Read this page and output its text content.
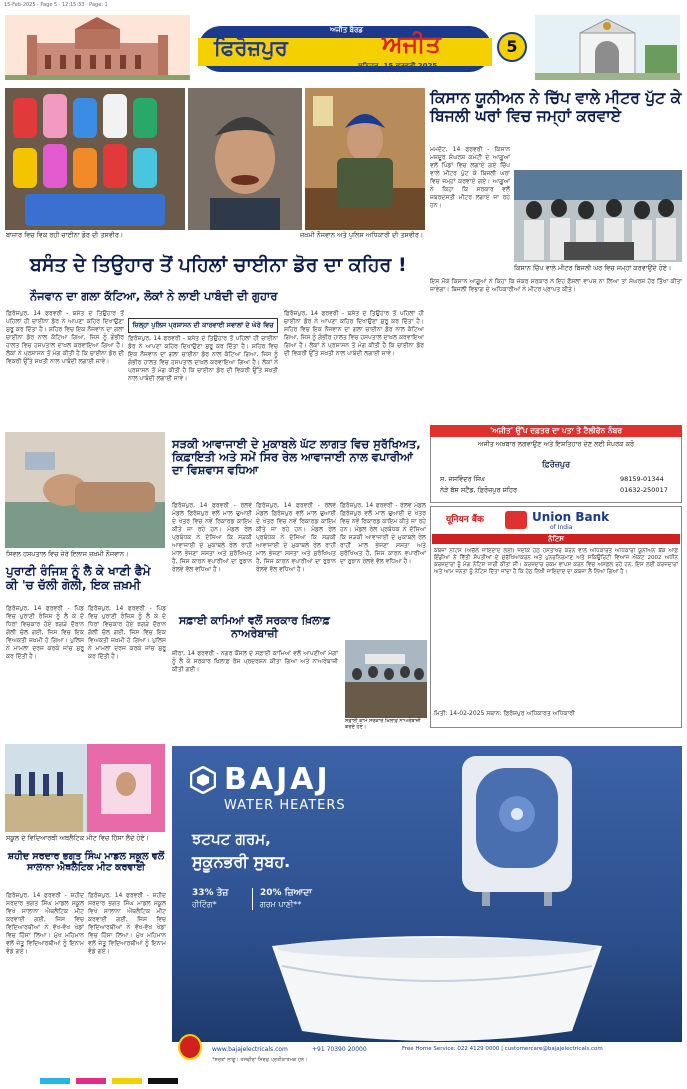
15-Feb-2025 · Page 5 · 12:15:33 · Page: 1
ਅਜੀਤ ਬੋਰਡ
ਫਿਰੋਜ਼ਪੁਰ	ਅਜੀਤ
ਸ਼ਨਿਚਰ, 15 ਫਰਵਰੀ 2025
5
ਬਾਜ਼ਾਰ ਵਿਚ ਵਿਕ ਰਹੀ ਚਾਈਨਾ ਡੋਰ ਦੀ ਤਸਵੀਰ।	ਜ਼ਖ਼ਮੀ ਨੌਜਵਾਨ ਅਤੇ ਪੁਲਿਸ ਅਧਿਕਾਰੀ ਦੀ ਤਸਵੀਰ।
ਕਿਸਾਨ ਯੂਨੀਅਨ ਨੇ ਚਿੱਪ ਵਾਲੇ ਮੀਟਰ ਪੁੱਟ ਕੇ ਬਿਜਲੀ ਘਰਾਂ ਵਿਚ ਜਮ੍ਹਾਂ ਕਰਵਾਏ
ਮਮਦੋਟ, 14 ਫਰਵਰੀ - ਕਿਸਾਨ ਮਜ਼ਦੂਰ ਸੰਘਰਸ਼ ਕਮੇਟੀ ਦੇ ਆਗੂਆਂ ਵਲੋਂ ਪਿੰਡਾਂ ਵਿਚ ਲਗਾਏ ਗਏ ਚਿੱਪ ਵਾਲੇ ਮੀਟਰ ਪੁੱਟ ਕੇ ਬਿਜਲੀ ਘਰਾਂ ਵਿਚ ਜਮ੍ਹਾਂ ਕਰਵਾਏ ਗਏ। ਆਗੂਆਂ ਨੇ ਕਿਹਾ ਕਿ ਸਰਕਾਰ ਵਲੋਂ ਜ਼ਬਰਦਸਤੀ ਮੀਟਰ ਲਗਾਏ ਜਾ ਰਹੇ ਹਨ।
ਕਿਸਾਨ ਚਿੱਪ ਵਾਲੇ ਮੀਟਰ ਬਿਜਲੀ ਘਰ ਵਿਚ ਜਮ੍ਹਾਂ ਕਰਵਾਉਂਦੇ ਹੋਏ।
ਇਸ ਮੌਕੇ ਕਿਸਾਨ ਆਗੂਆਂ ਨੇ ਕਿਹਾ ਕਿ ਜੇਕਰ ਸਰਕਾਰ ਨੇ ਇਹ ਫ਼ੈਸਲਾ ਵਾਪਸ ਨਾ ਲਿਆ ਤਾਂ ਸੰਘਰਸ਼ ਹੋਰ ਤਿੱਖਾ ਕੀਤਾ ਜਾਵੇਗਾ। ਬਿਜਲੀ ਵਿਭਾਗ ਦੇ ਅਧਿਕਾਰੀਆਂ ਨੇ ਮੀਟਰ ਪ੍ਰਾਪਤ ਕੀਤੇ।
ਬਸੰਤ ਦੇ ਤਿਉਹਾਰ ਤੋਂ ਪਹਿਲਾਂ ਚਾਈਨਾ ਡੋਰ ਦਾ ਕਹਿਰ !
ਨੌਜਵਾਨ ਦਾ ਗਲਾ ਕੱਟਿਆ, ਲੋਕਾਂ ਨੇ ਲਾਈ ਪਾਬੰਦੀ ਦੀ ਗੁਹਾਰ
ਫ਼ਿਰੋਜ਼ਪੁਰ, 14 ਫਰਵਰੀ - ਬਸੰਤ ਦੇ ਤਿਉਹਾਰ ਤੋਂ ਪਹਿਲਾਂ ਹੀ ਚਾਈਨਾ ਡੋਰ ਨੇ ਆਪਣਾ ਕਹਿਰ ਦਿਖਾਉਣਾ ਸ਼ੁਰੂ ਕਰ ਦਿੱਤਾ ਹੈ। ਸ਼ਹਿਰ ਵਿਚ ਇਕ ਨੌਜਵਾਨ ਦਾ ਗਲਾ ਚਾਈਨਾ ਡੋਰ ਨਾਲ ਕੱਟਿਆ ਗਿਆ, ਜਿਸ ਨੂੰ ਗੰਭੀਰ ਹਾਲਤ ਵਿਚ ਹਸਪਤਾਲ ਦਾਖ਼ਲ ਕਰਵਾਇਆ ਗਿਆ ਹੈ। ਲੋਕਾਂ ਨੇ ਪ੍ਰਸ਼ਾਸਨ ਤੋਂ ਮੰਗ ਕੀਤੀ ਹੈ ਕਿ ਚਾਈਨਾ ਡੋਰ ਦੀ ਵਿਕਰੀ ਉੱਤੇ ਸਖ਼ਤੀ ਨਾਲ ਪਾਬੰਦੀ ਲਗਾਈ ਜਾਵੇ।
ਜ਼ਿਲ੍ਹਾ ਪੁਲਿਸ ਪ੍ਰਸ਼ਾਸਨ ਦੀ ਕਾਰਵਾਈ ਸਵਾਲਾਂ ਦੇ ਘੇਰੇ ਵਿਚ
ਫ਼ਿਰੋਜ਼ਪੁਰ, 14 ਫਰਵਰੀ - ਬਸੰਤ ਦੇ ਤਿਉਹਾਰ ਤੋਂ ਪਹਿਲਾਂ ਹੀ ਚਾਈਨਾ ਡੋਰ ਨੇ ਆਪਣਾ ਕਹਿਰ ਦਿਖਾਉਣਾ ਸ਼ੁਰੂ ਕਰ ਦਿੱਤਾ ਹੈ। ਸ਼ਹਿਰ ਵਿਚ ਇਕ ਨੌਜਵਾਨ ਦਾ ਗਲਾ ਚਾਈਨਾ ਡੋਰ ਨਾਲ ਕੱਟਿਆ ਗਿਆ, ਜਿਸ ਨੂੰ ਗੰਭੀਰ ਹਾਲਤ ਵਿਚ ਹਸਪਤਾਲ ਦਾਖ਼ਲ ਕਰਵਾਇਆ ਗਿਆ ਹੈ। ਲੋਕਾਂ ਨੇ ਪ੍ਰਸ਼ਾਸਨ ਤੋਂ ਮੰਗ ਕੀਤੀ ਹੈ ਕਿ ਚਾਈਨਾ ਡੋਰ ਦੀ ਵਿਕਰੀ ਉੱਤੇ ਸਖ਼ਤੀ ਨਾਲ ਪਾਬੰਦੀ ਲਗਾਈ ਜਾਵੇ।
ਫ਼ਿਰੋਜ਼ਪੁਰ, 14 ਫਰਵਰੀ - ਬਸੰਤ ਦੇ ਤਿਉਹਾਰ ਤੋਂ ਪਹਿਲਾਂ ਹੀ ਚਾਈਨਾ ਡੋਰ ਨੇ ਆਪਣਾ ਕਹਿਰ ਦਿਖਾਉਣਾ ਸ਼ੁਰੂ ਕਰ ਦਿੱਤਾ ਹੈ। ਸ਼ਹਿਰ ਵਿਚ ਇਕ ਨੌਜਵਾਨ ਦਾ ਗਲਾ ਚਾਈਨਾ ਡੋਰ ਨਾਲ ਕੱਟਿਆ ਗਿਆ, ਜਿਸ ਨੂੰ ਗੰਭੀਰ ਹਾਲਤ ਵਿਚ ਹਸਪਤਾਲ ਦਾਖ਼ਲ ਕਰਵਾਇਆ ਗਿਆ ਹੈ। ਲੋਕਾਂ ਨੇ ਪ੍ਰਸ਼ਾਸਨ ਤੋਂ ਮੰਗ ਕੀਤੀ ਹੈ ਕਿ ਚਾਈਨਾ ਡੋਰ ਦੀ ਵਿਕਰੀ ਉੱਤੇ ਸਖ਼ਤੀ ਨਾਲ ਪਾਬੰਦੀ ਲਗਾਈ ਜਾਵੇ।
'ਅਜੀਤ' ਉੱਪ ਦਫ਼ਤਰ ਦਾ ਪਤਾ ਤੇ ਟੈਲੀਫੋਨ ਨੰਬਰ
ਅਜੀਤ ਅਖ਼ਬਾਰ ਲਗਵਾਉਣ ਅਤੇ ਇਸ਼ਤਿਹਾਰ ਦੇਣ ਲਈ ਸੰਪਰਕ ਕਰੋ
ਫ਼ਿਰੋਜ਼ਪੁਰ
ਸ. ਜਸਵਿੰਦਰ ਸਿੰਘ	98159-01344
ਨੇੜੇ ਬੱਸ ਸਟੈਂਡ, ਫ਼ਿਰੋਜ਼ਪੁਰ ਸ਼ਹਿਰ	01632-250017
यूनियन बैंक	Union Bank
of India
ਨੋਟਿਸ
ਕਬਜ਼ਾ ਨੋਟਿਸ (ਅਚੱਲ ਜਾਇਦਾਦ ਲਈ) ਜਦਕਿ ਹੇਠ ਹਸਤਾਖਰ ਕਰਨ ਵਾਲੇ ਅਧਿਕਾਰਤ ਅਧਿਕਾਰੀ ਯੂਨੀਅਨ ਬੈਂਕ ਆਫ਼ ਇੰਡੀਆ ਨੇ ਵਿੱਤੀ ਸੰਪਤੀਆਂ ਦੇ ਸੁਰੱਖਿਆਕਰਨ ਅਤੇ ਪੁਨਰਨਿਰਮਾਣ ਅਤੇ ਸਕਿਉਰਿਟੀ ਵਿਆਜ ਐਕਟ 2002 ਅਧੀਨ ਕਰਜ਼ਦਾਰਾਂ ਨੂੰ ਮੰਗ ਨੋਟਿਸ ਜਾਰੀ ਕੀਤਾ ਸੀ। ਕਰਜ਼ਦਾਰ ਰਕਮ ਵਾਪਸ ਕਰਨ ਵਿਚ ਅਸਫ਼ਲ ਰਹੇ ਹਨ, ਇਸ ਲਈ ਕਰਜ਼ਦਾਰਾਂ ਅਤੇ ਆਮ ਜਨਤਾ ਨੂੰ ਨੋਟਿਸ ਦਿੱਤਾ ਜਾਂਦਾ ਹੈ ਕਿ ਹੇਠ ਲਿਖੀ ਜਾਇਦਾਦ ਦਾ ਕਬਜ਼ਾ ਲੈ ਲਿਆ ਗਿਆ ਹੈ।
ਮਿਤੀ: 14-02-2025 ਸਥਾਨ: ਫ਼ਿਰੋਜ਼ਪੁਰ ਅਧਿਕਾਰਤ ਅਧਿਕਾਰੀ
ਸਿਵਲ ਹਸਪਤਾਲ ਵਿਚ ਜ਼ੇਰੇ ਇਲਾਜ ਜ਼ਖ਼ਮੀ ਨੌਜਵਾਨ।
ਪੁਰਾਣੀ ਰੰਜਿਸ਼ ਨੂੰ ਲੈ ਕੇ ਖਾਣੀ ਫੈਮੇ ਕੀ 'ਚ ਚੱਲੀ ਗੋਲੀ, ਇਕ ਜ਼ਖ਼ਮੀ
ਫ਼ਿਰੋਜ਼ਪੁਰ, 14 ਫਰਵਰੀ - ਪਿੰਡ ਵਿਚ ਪੁਰਾਣੀ ਰੰਜਿਸ਼ ਨੂੰ ਲੈ ਕੇ ਦੋ ਧਿਰਾਂ ਵਿਚਕਾਰ ਹੋਏ ਝਗੜੇ ਦੌਰਾਨ ਗੋਲੀ ਚੱਲ ਗਈ, ਜਿਸ ਵਿਚ ਇਕ ਵਿਅਕਤੀ ਜ਼ਖ਼ਮੀ ਹੋ ਗਿਆ। ਪੁਲਿਸ ਨੇ ਮਾਮਲਾ ਦਰਜ ਕਰਕੇ ਜਾਂਚ ਸ਼ੁਰੂ ਕਰ ਦਿੱਤੀ ਹੈ।
ਫ਼ਿਰੋਜ਼ਪੁਰ, 14 ਫਰਵਰੀ - ਪਿੰਡ ਵਿਚ ਪੁਰਾਣੀ ਰੰਜਿਸ਼ ਨੂੰ ਲੈ ਕੇ ਦੋ ਧਿਰਾਂ ਵਿਚਕਾਰ ਹੋਏ ਝਗੜੇ ਦੌਰਾਨ ਗੋਲੀ ਚੱਲ ਗਈ, ਜਿਸ ਵਿਚ ਇਕ ਵਿਅਕਤੀ ਜ਼ਖ਼ਮੀ ਹੋ ਗਿਆ। ਪੁਲਿਸ ਨੇ ਮਾਮਲਾ ਦਰਜ ਕਰਕੇ ਜਾਂਚ ਸ਼ੁਰੂ ਕਰ ਦਿੱਤੀ ਹੈ।
ਸੜਕੀ ਆਵਾਜਾਈ ਦੇ ਮੁਕਾਬਲੇ ਘੱਟ ਲਾਗਤ ਵਿਚ ਸੁਰੱਖਿਅਤ, ਕਿਫ਼ਾਇਤੀ ਅਤੇ ਸਮੇਂ ਸਿਰ ਰੇਲ ਆਵਾਜਾਈ ਨਾਲ ਵਪਾਰੀਆਂ ਦਾ ਵਿਸ਼ਵਾਸ ਵਧਿਆ
ਫ਼ਿਰੋਜ਼ਪੁਰ, 14 ਫਰਵਰੀ - ਰੇਲਵੇ ਮੰਡਲ ਫ਼ਿਰੋਜ਼ਪੁਰ ਵਲੋਂ ਮਾਲ ਢੁਆਈ ਦੇ ਖੇਤਰ ਵਿਚ ਨਵੇਂ ਰਿਕਾਰਡ ਕਾਇਮ ਕੀਤੇ ਜਾ ਰਹੇ ਹਨ। ਮੰਡਲ ਰੇਲ ਪ੍ਰਬੰਧਕ ਨੇ ਦੱਸਿਆ ਕਿ ਸੜਕੀ ਆਵਾਜਾਈ ਦੇ ਮੁਕਾਬਲੇ ਰੇਲ ਰਾਹੀਂ ਮਾਲ ਭੇਜਣਾ ਸਸਤਾ ਅਤੇ ਸੁਰੱਖਿਅਤ ਹੈ, ਜਿਸ ਕਾਰਨ ਵਪਾਰੀਆਂ ਦਾ ਰੁਝਾਨ ਰੇਲਵੇ ਵੱਲ ਵਧਿਆ ਹੈ।
ਫ਼ਿਰੋਜ਼ਪੁਰ, 14 ਫਰਵਰੀ - ਰੇਲਵੇ ਮੰਡਲ ਫ਼ਿਰੋਜ਼ਪੁਰ ਵਲੋਂ ਮਾਲ ਢੁਆਈ ਦੇ ਖੇਤਰ ਵਿਚ ਨਵੇਂ ਰਿਕਾਰਡ ਕਾਇਮ ਕੀਤੇ ਜਾ ਰਹੇ ਹਨ। ਮੰਡਲ ਰੇਲ ਪ੍ਰਬੰਧਕ ਨੇ ਦੱਸਿਆ ਕਿ ਸੜਕੀ ਆਵਾਜਾਈ ਦੇ ਮੁਕਾਬਲੇ ਰੇਲ ਰਾਹੀਂ ਮਾਲ ਭੇਜਣਾ ਸਸਤਾ ਅਤੇ ਸੁਰੱਖਿਅਤ ਹੈ, ਜਿਸ ਕਾਰਨ ਵਪਾਰੀਆਂ ਦਾ ਰੁਝਾਨ ਰੇਲਵੇ ਵੱਲ ਵਧਿਆ ਹੈ।
ਫ਼ਿਰੋਜ਼ਪੁਰ, 14 ਫਰਵਰੀ - ਰੇਲਵੇ ਮੰਡਲ ਫ਼ਿਰੋਜ਼ਪੁਰ ਵਲੋਂ ਮਾਲ ਢੁਆਈ ਦੇ ਖੇਤਰ ਵਿਚ ਨਵੇਂ ਰਿਕਾਰਡ ਕਾਇਮ ਕੀਤੇ ਜਾ ਰਹੇ ਹਨ। ਮੰਡਲ ਰੇਲ ਪ੍ਰਬੰਧਕ ਨੇ ਦੱਸਿਆ ਕਿ ਸੜਕੀ ਆਵਾਜਾਈ ਦੇ ਮੁਕਾਬਲੇ ਰੇਲ ਰਾਹੀਂ ਮਾਲ ਭੇਜਣਾ ਸਸਤਾ ਅਤੇ ਸੁਰੱਖਿਅਤ ਹੈ, ਜਿਸ ਕਾਰਨ ਵਪਾਰੀਆਂ ਦਾ ਰੁਝਾਨ ਰੇਲਵੇ ਵੱਲ ਵਧਿਆ ਹੈ।
ਸਫ਼ਾਈ ਕਾਮਿਆਂ ਵਲੋਂ ਸਰਕਾਰ ਖ਼ਿਲਾਫ਼ ਨਾਅਰੇਬਾਜ਼ੀ
ਜ਼ੀਰਾ, 14 ਫਰਵਰੀ - ਨਗਰ ਕੌਂਸਲ ਦੇ ਸਫ਼ਾਈ ਕਾਮਿਆਂ ਵਲੋਂ ਆਪਣੀਆਂ ਮੰਗਾਂ ਨੂੰ ਲੈ ਕੇ ਸਰਕਾਰ ਖ਼ਿਲਾਫ਼ ਰੋਸ ਪ੍ਰਦਰਸ਼ਨ ਕੀਤਾ ਗਿਆ ਅਤੇ ਨਾਅਰੇਬਾਜ਼ੀ ਕੀਤੀ ਗਈ।
ਸਫ਼ਾਈ ਕਾਮੇ ਸਰਕਾਰ ਖ਼ਿਲਾਫ਼ ਨਾਅਰੇਬਾਜ਼ੀ ਕਰਦੇ ਹੋਏ।
ਸਕੂਲ ਦੇ ਵਿਦਿਆਰਥੀ ਅਥਲੈਟਿਕ ਮੀਟ ਵਿਚ ਹਿੱਸਾ ਲੈਂਦੇ ਹੋਏ।
ਸ਼ਹੀਦ ਸਰਦਾਰ ਭਗਤ ਸਿੰਘ ਮਾਡਲ ਸਕੂਲ ਵਲੋਂ ਸਾਲਾਨਾ ਐਥਲੈਟਿਕ ਮੀਟ ਕਰਵਾਈ
ਫ਼ਿਰੋਜ਼ਪੁਰ, 14 ਫਰਵਰੀ - ਸ਼ਹੀਦ ਸਰਦਾਰ ਭਗਤ ਸਿੰਘ ਮਾਡਲ ਸਕੂਲ ਵਿਖੇ ਸਾਲਾਨਾ ਐਥਲੈਟਿਕ ਮੀਟ ਕਰਵਾਈ ਗਈ, ਜਿਸ ਵਿਚ ਵਿਦਿਆਰਥੀਆਂ ਨੇ ਵੱਖ-ਵੱਖ ਖੇਡਾਂ ਵਿਚ ਹਿੱਸਾ ਲਿਆ। ਮੁੱਖ ਮਹਿਮਾਨ ਵਲੋਂ ਜੇਤੂ ਵਿਦਿਆਰਥੀਆਂ ਨੂੰ ਇਨਾਮ ਵੰਡੇ ਗਏ।
ਫ਼ਿਰੋਜ਼ਪੁਰ, 14 ਫਰਵਰੀ - ਸ਼ਹੀਦ ਸਰਦਾਰ ਭਗਤ ਸਿੰਘ ਮਾਡਲ ਸਕੂਲ ਵਿਖੇ ਸਾਲਾਨਾ ਐਥਲੈਟਿਕ ਮੀਟ ਕਰਵਾਈ ਗਈ, ਜਿਸ ਵਿਚ ਵਿਦਿਆਰਥੀਆਂ ਨੇ ਵੱਖ-ਵੱਖ ਖੇਡਾਂ ਵਿਚ ਹਿੱਸਾ ਲਿਆ। ਮੁੱਖ ਮਹਿਮਾਨ ਵਲੋਂ ਜੇਤੂ ਵਿਦਿਆਰਥੀਆਂ ਨੂੰ ਇਨਾਮ ਵੰਡੇ ਗਏ।
BAJAJ
WATER HEATERS
ਝਟਪਟ ਗਰਮ,
ਸੁਕੂਨਭਰੀ ਸੁਬਹ.
33% ਤੇਜ਼
ਹੀਟਿੰਗ*
20% ਜ਼ਿਆਦਾ
ਗਰਮ ਪਾਣੀ**
www.bajajelectricals.com	+91 70390 20000	Free Home Service: 022 4129 0000 | customercare@bajajelectricals.com
*ਸ਼ਰਤਾਂ ਲਾਗੂ। ਤਸਵੀਰਾਂ ਸਿਰਫ਼ ਪ੍ਰਤੀਕਾਤਮਕ ਹਨ।
